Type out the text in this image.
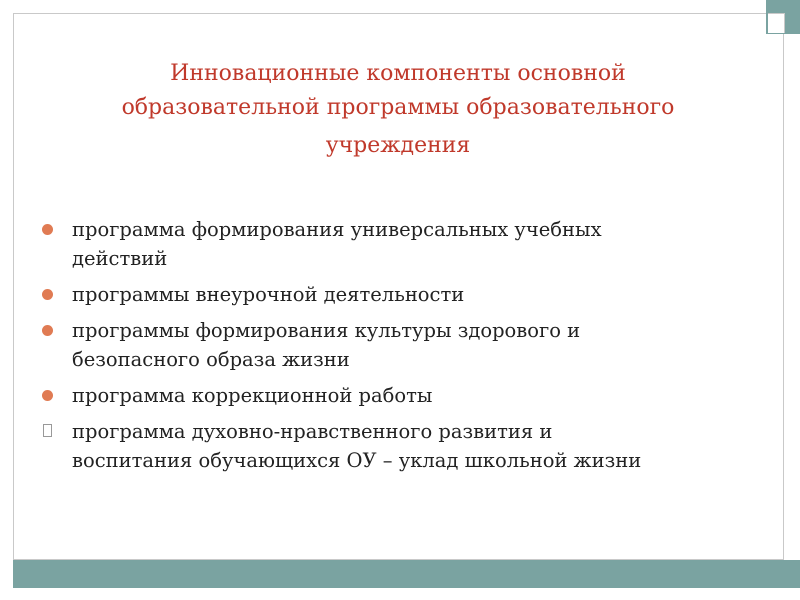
Инновационные компоненты основной
образовательной программы образовательного
учреждения
программа формирования универсальных учебных
действий
программы внеурочной деятельности
программы формирования культуры здорового и
безопасного образа жизни
программа коррекционной работы
программа духовно-нравственного развития и
воспитания обучающихся ОУ – уклад школьной жизни
